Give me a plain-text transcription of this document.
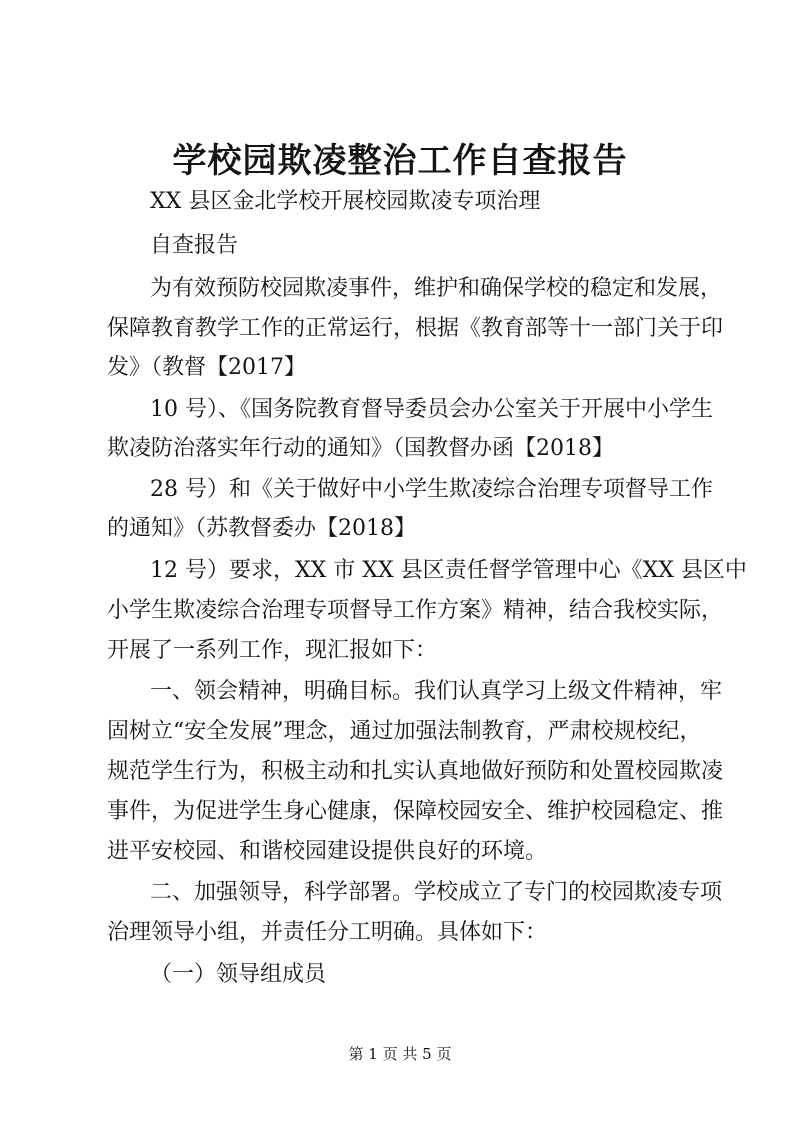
学校园欺凌整治工作自查报告
XX 县区金北学校开展校园欺凌专项治理
自查报告
为有效预防校园欺凌事件，维护和确保学校的稳定和发展，
保障教育教学工作的正常运行，根据《教育部等十一部门关于印
发》（教督【2017】
10 号）、《国务院教育督导委员会办公室关于开展中小学生
欺凌防治落实年行动的通知》（国教督办函【2018】
28 号）和《关于做好中小学生欺凌综合治理专项督导工作
的通知》（苏教督委办【2018】
12 号）要求，XX 市 XX 县区责任督学管理中心《XX 县区中
小学生欺凌综合治理专项督导工作方案》精神，结合我校实际，
开展了一系列工作，现汇报如下：
一、领会精神，明确目标。我们认真学习上级文件精神，牢
固树立“安全发展”理念，通过加强法制教育，严肃校规校纪，
规范学生行为，积极主动和扎实认真地做好预防和处置校园欺凌
事件，为促进学生身心健康，保障校园安全、维护校园稳定、推
进平安校园、和谐校园建设提供良好的环境。
二、加强领导，科学部署。学校成立了专门的校园欺凌专项
治理领导小组，并责任分工明确。具体如下：
（一）领导组成员
第 1 页 共 5 页
